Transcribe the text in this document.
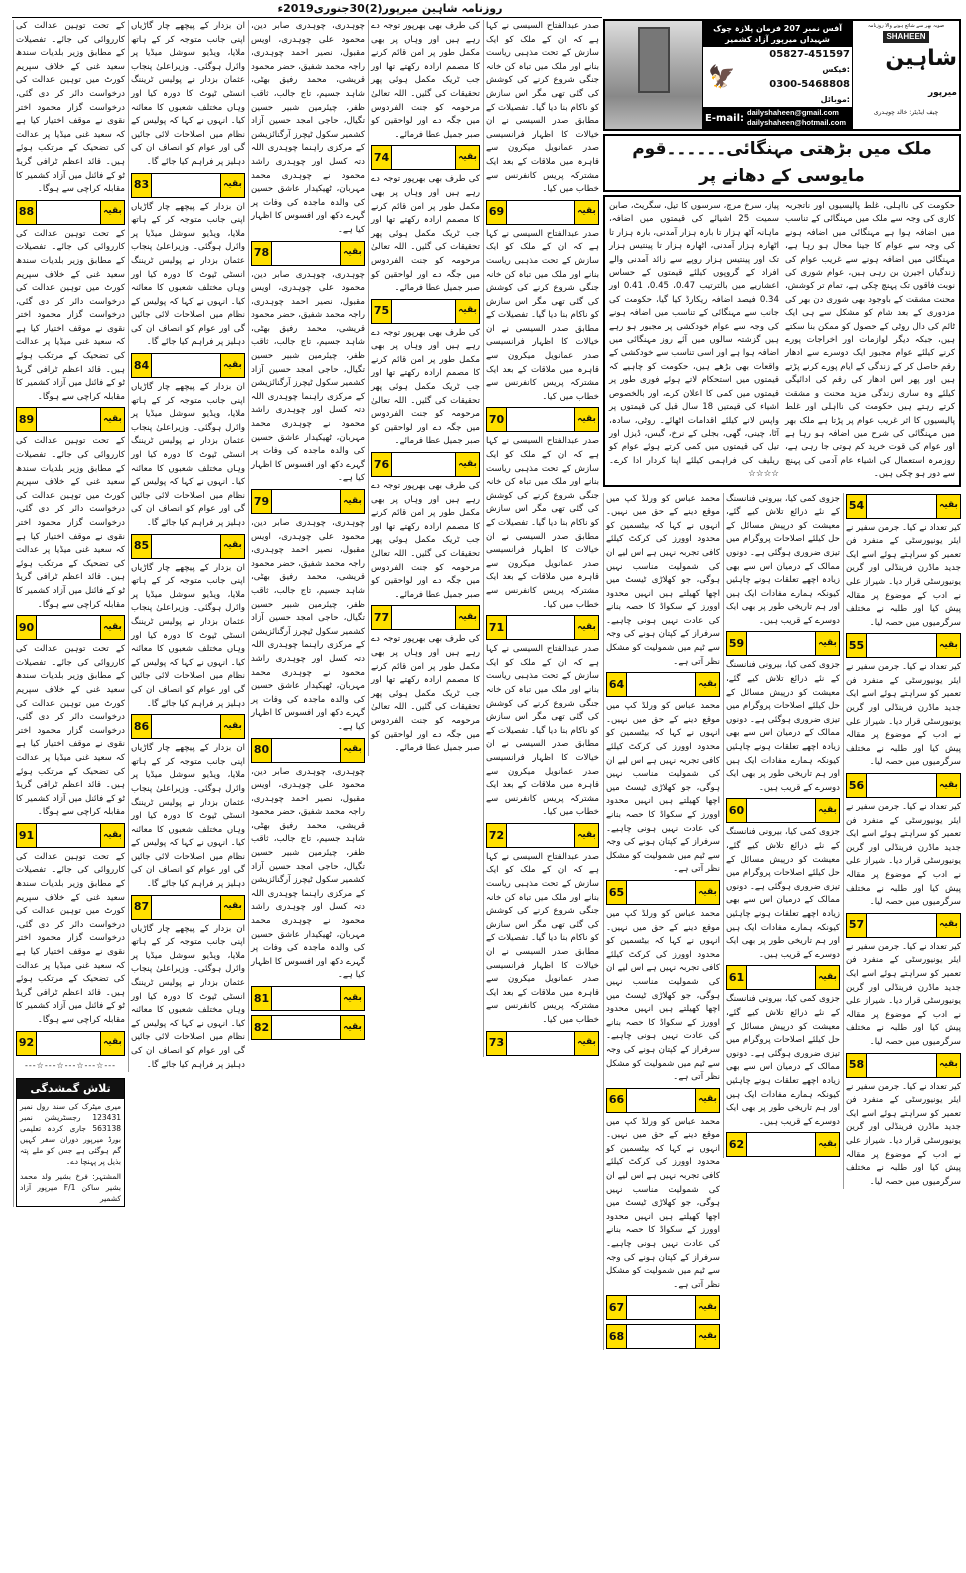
روزنامہ شاہین میرپور(2)30جنوری2019ء

کے تحت توہین عدالت کی کارروائی کی جائے۔ تفصیلات کے مطابق وزیر بلدیات سندھ سعید غنی کے خلاف سپریم کورٹ میں توہین عدالت کی درخواست دائر کر دی گئی، درخواست گزار محمود اختر نقوی نے موقف اختیار کیا ہے کہ سعید غنی میڈیا پر عدالت کی تضحیک کے مرتکب ہوئے ہیں۔ قائد اعظم ٹرافی گریڈ ٹو کے فائنل میں آزاد کشمیر کا مقابلہ کراچی سے ہوگا۔

88	بقیہ

کے تحت توہین عدالت کی کارروائی کی جائے۔ تفصیلات کے مطابق وزیر بلدیات سندھ سعید غنی کے خلاف سپریم کورٹ میں توہین عدالت کی درخواست دائر کر دی گئی، درخواست گزار محمود اختر نقوی نے موقف اختیار کیا ہے کہ سعید غنی میڈیا پر عدالت کی تضحیک کے مرتکب ہوئے ہیں۔ قائد اعظم ٹرافی گریڈ ٹو کے فائنل میں آزاد کشمیر کا مقابلہ کراچی سے ہوگا۔

89	بقیہ

کے تحت توہین عدالت کی کارروائی کی جائے۔ تفصیلات کے مطابق وزیر بلدیات سندھ سعید غنی کے خلاف سپریم کورٹ میں توہین عدالت کی درخواست دائر کر دی گئی، درخواست گزار محمود اختر نقوی نے موقف اختیار کیا ہے کہ سعید غنی میڈیا پر عدالت کی تضحیک کے مرتکب ہوئے ہیں۔ قائد اعظم ٹرافی گریڈ ٹو کے فائنل میں آزاد کشمیر کا مقابلہ کراچی سے ہوگا۔

90	بقیہ

کے تحت توہین عدالت کی کارروائی کی جائے۔ تفصیلات کے مطابق وزیر بلدیات سندھ سعید غنی کے خلاف سپریم کورٹ میں توہین عدالت کی درخواست دائر کر دی گئی، درخواست گزار محمود اختر نقوی نے موقف اختیار کیا ہے کہ سعید غنی میڈیا پر عدالت کی تضحیک کے مرتکب ہوئے ہیں۔ قائد اعظم ٹرافی گریڈ ٹو کے فائنل میں آزاد کشمیر کا مقابلہ کراچی سے ہوگا۔

91	بقیہ

کے تحت توہین عدالت کی کارروائی کی جائے۔ تفصیلات کے مطابق وزیر بلدیات سندھ سعید غنی کے خلاف سپریم کورٹ میں توہین عدالت کی درخواست دائر کر دی گئی، درخواست گزار محمود اختر نقوی نے موقف اختیار کیا ہے کہ سعید غنی میڈیا پر عدالت کی تضحیک کے مرتکب ہوئے ہیں۔ قائد اعظم ٹرافی گریڈ ٹو کے فائنل میں آزاد کشمیر کا مقابلہ کراچی سے ہوگا۔

92	بقیہ
---☆---☆---☆---☆---
تلاش گمشدگی
میری میٹرک کی سند رول نمبر 123431 رجسٹریشن نمبر 563138 جاری کردہ تعلیمی بورڈ میرپور دوران سفر کہیں گم ہوگئی ہے جس کو ملے پتہ بذیل پر پہنچا دے۔
المشتہر: فرخ بشیر ولد محمد بشیر ساکن F/1 میرپور آزاد کشمیر

ان بزدار کے پیچھے چار گاڑیاں اپنی جانب متوجہ کر کے ہاتھ ملایا، ویڈیو سوشل میڈیا پر وائرل ہوگئی۔ وزیراعلیٰ پنجاب عثمان بزدار نے پولیس ٹریننگ انسٹی ٹیوٹ کا دورہ کیا اور وہاں مختلف شعبوں کا معائنہ کیا۔ انہوں نے کہا کہ پولیس کے نظام میں اصلاحات لائی جائیں گی اور عوام کو انصاف ان کی دہلیز پر فراہم کیا جائے گا۔

83	بقیہ

ان بزدار کے پیچھے چار گاڑیاں اپنی جانب متوجہ کر کے ہاتھ ملایا، ویڈیو سوشل میڈیا پر وائرل ہوگئی۔ وزیراعلیٰ پنجاب عثمان بزدار نے پولیس ٹریننگ انسٹی ٹیوٹ کا دورہ کیا اور وہاں مختلف شعبوں کا معائنہ کیا۔ انہوں نے کہا کہ پولیس کے نظام میں اصلاحات لائی جائیں گی اور عوام کو انصاف ان کی دہلیز پر فراہم کیا جائے گا۔

84	بقیہ

ان بزدار کے پیچھے چار گاڑیاں اپنی جانب متوجہ کر کے ہاتھ ملایا، ویڈیو سوشل میڈیا پر وائرل ہوگئی۔ وزیراعلیٰ پنجاب عثمان بزدار نے پولیس ٹریننگ انسٹی ٹیوٹ کا دورہ کیا اور وہاں مختلف شعبوں کا معائنہ کیا۔ انہوں نے کہا کہ پولیس کے نظام میں اصلاحات لائی جائیں گی اور عوام کو انصاف ان کی دہلیز پر فراہم کیا جائے گا۔

85	بقیہ

ان بزدار کے پیچھے چار گاڑیاں اپنی جانب متوجہ کر کے ہاتھ ملایا، ویڈیو سوشل میڈیا پر وائرل ہوگئی۔ وزیراعلیٰ پنجاب عثمان بزدار نے پولیس ٹریننگ انسٹی ٹیوٹ کا دورہ کیا اور وہاں مختلف شعبوں کا معائنہ کیا۔ انہوں نے کہا کہ پولیس کے نظام میں اصلاحات لائی جائیں گی اور عوام کو انصاف ان کی دہلیز پر فراہم کیا جائے گا۔

86	بقیہ

ان بزدار کے پیچھے چار گاڑیاں اپنی جانب متوجہ کر کے ہاتھ ملایا، ویڈیو سوشل میڈیا پر وائرل ہوگئی۔ وزیراعلیٰ پنجاب عثمان بزدار نے پولیس ٹریننگ انسٹی ٹیوٹ کا دورہ کیا اور وہاں مختلف شعبوں کا معائنہ کیا۔ انہوں نے کہا کہ پولیس کے نظام میں اصلاحات لائی جائیں گی اور عوام کو انصاف ان کی دہلیز پر فراہم کیا جائے گا۔

87	بقیہ

ان بزدار کے پیچھے چار گاڑیاں اپنی جانب متوجہ کر کے ہاتھ ملایا، ویڈیو سوشل میڈیا پر وائرل ہوگئی۔ وزیراعلیٰ پنجاب عثمان بزدار نے پولیس ٹریننگ انسٹی ٹیوٹ کا دورہ کیا اور وہاں مختلف شعبوں کا معائنہ کیا۔ انہوں نے کہا کہ پولیس کے نظام میں اصلاحات لائی جائیں گی اور عوام کو انصاف ان کی دہلیز پر فراہم کیا جائے گا۔

چوہدری، چوہدری صابر دین، محمود علی چوہدری، اویس مقبول، نصیر احمد چوہدری، راجہ محمد شفیق، حضر محمود قریشی، محمد رفیق بھٹی، شاہد جسیم، تاج جالب، ثاقب ظفر، چیئرمین شبیر حسین تگیال، حاجی امجد حسین آزاد کشمیر سکول ٹیچرز آرگنائزیشن کے مرکزی راہنما چوہدری اللہ دتہ کسل اور چوہدری راشد محمود نے چوہدری محمد مہربان، ٹھیکیدار عاشق حسین کی والدہ ماجدہ کی وفات پر گہرے دکھ اور افسوس کا اظہار کیا ہے۔

78	بقیہ

چوہدری، چوہدری صابر دین، محمود علی چوہدری، اویس مقبول، نصیر احمد چوہدری، راجہ محمد شفیق، حضر محمود قریشی، محمد رفیق بھٹی، شاہد جسیم، تاج جالب، ثاقب ظفر، چیئرمین شبیر حسین تگیال، حاجی امجد حسین آزاد کشمیر سکول ٹیچرز آرگنائزیشن کے مرکزی راہنما چوہدری اللہ دتہ کسل اور چوہدری راشد محمود نے چوہدری محمد مہربان، ٹھیکیدار عاشق حسین کی والدہ ماجدہ کی وفات پر گہرے دکھ اور افسوس کا اظہار کیا ہے۔

79	بقیہ

چوہدری، چوہدری صابر دین، محمود علی چوہدری، اویس مقبول، نصیر احمد چوہدری، راجہ محمد شفیق، حضر محمود قریشی، محمد رفیق بھٹی، شاہد جسیم، تاج جالب، ثاقب ظفر، چیئرمین شبیر حسین تگیال، حاجی امجد حسین آزاد کشمیر سکول ٹیچرز آرگنائزیشن کے مرکزی راہنما چوہدری اللہ دتہ کسل اور چوہدری راشد محمود نے چوہدری محمد مہربان، ٹھیکیدار عاشق حسین کی والدہ ماجدہ کی وفات پر گہرے دکھ اور افسوس کا اظہار کیا ہے۔

80	بقیہ

چوہدری، چوہدری صابر دین، محمود علی چوہدری، اویس مقبول، نصیر احمد چوہدری، راجہ محمد شفیق، حضر محمود قریشی، محمد رفیق بھٹی، شاہد جسیم، تاج جالب، ثاقب ظفر، چیئرمین شبیر حسین تگیال، حاجی امجد حسین آزاد کشمیر سکول ٹیچرز آرگنائزیشن کے مرکزی راہنما چوہدری اللہ دتہ کسل اور چوہدری راشد محمود نے چوہدری محمد مہربان، ٹھیکیدار عاشق حسین کی والدہ ماجدہ کی وفات پر گہرے دکھ اور افسوس کا اظہار کیا ہے۔

81	بقیہ
82	بقیہ

کی طرف بھی بھرپور توجہ دے رہے ہیں اور وہاں پر بھی مکمل طور پر امن قائم کرنے کا مصمم ارادہ رکھتے تھا اور جب ٹریک مکمل ہوئی پھر تحقیقات کی گئیں۔ اللہ تعالیٰ مرحومہ کو جنت الفردوس میں جگہ دے اور لواحقین کو صبر جمیل عطا فرمائے۔

74	بقیہ

کی طرف بھی بھرپور توجہ دے رہے ہیں اور وہاں پر بھی مکمل طور پر امن قائم کرنے کا مصمم ارادہ رکھتے تھا اور جب ٹریک مکمل ہوئی پھر تحقیقات کی گئیں۔ اللہ تعالیٰ مرحومہ کو جنت الفردوس میں جگہ دے اور لواحقین کو صبر جمیل عطا فرمائے۔

75	بقیہ

کی طرف بھی بھرپور توجہ دے رہے ہیں اور وہاں پر بھی مکمل طور پر امن قائم کرنے کا مصمم ارادہ رکھتے تھا اور جب ٹریک مکمل ہوئی پھر تحقیقات کی گئیں۔ اللہ تعالیٰ مرحومہ کو جنت الفردوس میں جگہ دے اور لواحقین کو صبر جمیل عطا فرمائے۔

76	بقیہ

کی طرف بھی بھرپور توجہ دے رہے ہیں اور وہاں پر بھی مکمل طور پر امن قائم کرنے کا مصمم ارادہ رکھتے تھا اور جب ٹریک مکمل ہوئی پھر تحقیقات کی گئیں۔ اللہ تعالیٰ مرحومہ کو جنت الفردوس میں جگہ دے اور لواحقین کو صبر جمیل عطا فرمائے۔

77	بقیہ

کی طرف بھی بھرپور توجہ دے رہے ہیں اور وہاں پر بھی مکمل طور پر امن قائم کرنے کا مصمم ارادہ رکھتے تھا اور جب ٹریک مکمل ہوئی پھر تحقیقات کی گئیں۔ اللہ تعالیٰ مرحومہ کو جنت الفردوس میں جگہ دے اور لواحقین کو صبر جمیل عطا فرمائے۔

صدر عبدالفتاح السیسی نے کہا ہے کہ ان کے ملک کو ایک سازش کے تحت مذہبی ریاست بنانے اور ملک میں تباہ کن خانہ جنگی شروع کرنے کی کوشش کی گئی تھی مگر اس سازش کو ناکام بنا دیا گیا۔ تفصیلات کے مطابق صدر السیسی نے ان خیالات کا اظہار فرانسیسی صدر عمانویل میکرون سے قاہرہ میں ملاقات کے بعد ایک مشترکہ پریس کانفرنس سے خطاب میں کیا۔

69	بقیہ

صدر عبدالفتاح السیسی نے کہا ہے کہ ان کے ملک کو ایک سازش کے تحت مذہبی ریاست بنانے اور ملک میں تباہ کن خانہ جنگی شروع کرنے کی کوشش کی گئی تھی مگر اس سازش کو ناکام بنا دیا گیا۔ تفصیلات کے مطابق صدر السیسی نے ان خیالات کا اظہار فرانسیسی صدر عمانویل میکرون سے قاہرہ میں ملاقات کے بعد ایک مشترکہ پریس کانفرنس سے خطاب میں کیا۔

70	بقیہ

صدر عبدالفتاح السیسی نے کہا ہے کہ ان کے ملک کو ایک سازش کے تحت مذہبی ریاست بنانے اور ملک میں تباہ کن خانہ جنگی شروع کرنے کی کوشش کی گئی تھی مگر اس سازش کو ناکام بنا دیا گیا۔ تفصیلات کے مطابق صدر السیسی نے ان خیالات کا اظہار فرانسیسی صدر عمانویل میکرون سے قاہرہ میں ملاقات کے بعد ایک مشترکہ پریس کانفرنس سے خطاب میں کیا۔

71	بقیہ

صدر عبدالفتاح السیسی نے کہا ہے کہ ان کے ملک کو ایک سازش کے تحت مذہبی ریاست بنانے اور ملک میں تباہ کن خانہ جنگی شروع کرنے کی کوشش کی گئی تھی مگر اس سازش کو ناکام بنا دیا گیا۔ تفصیلات کے مطابق صدر السیسی نے ان خیالات کا اظہار فرانسیسی صدر عمانویل میکرون سے قاہرہ میں ملاقات کے بعد ایک مشترکہ پریس کانفرنس سے خطاب میں کیا۔

72	بقیہ

صدر عبدالفتاح السیسی نے کہا ہے کہ ان کے ملک کو ایک سازش کے تحت مذہبی ریاست بنانے اور ملک میں تباہ کن خانہ جنگی شروع کرنے کی کوشش کی گئی تھی مگر اس سازش کو ناکام بنا دیا گیا۔ تفصیلات کے مطابق صدر السیسی نے ان خیالات کا اظہار فرانسیسی صدر عمانویل میکرون سے قاہرہ میں ملاقات کے بعد ایک مشترکہ پریس کانفرنس سے خطاب میں کیا۔

73	بقیہ
آفس نمبر 207 فرمان پلازہ چوک شہیداں میرپور آزاد کشمیر
🦅
05827-451597 فیکس:
0300-5468808 موبائل:
E-mail: dailyshaheen@gmail.com
dailyshaheen@hotmail.com
صوبہ بھر سے شائع ہونے والا روزنامہ
SHAHEEN
شاہین میرپور
چیف ایڈیٹر: خالد چوہدری
ملک میں بڑھتی مہنگائی۔۔۔۔۔۔قوم مایوسی کے دھانے پر
حکومت کی نااہلی، غلط پالیسیوں اور ناتجربہ کاری کی وجہ سے ملک میں مہنگائی کے تناسب میں اضافہ ہوا ہے مہنگائی میں اضافہ ہونے کی وجہ سے عوام کا جینا محال ہو رہا ہے، مہنگائی میں اضافہ ہونے سے غریب عوام کی زندگیاں اجیرن بن رہی ہیں، عوام شوری کی نوبت فاقوں تک پہنچ چکی ہے، تمام تر کوشش، محنت مشقت کے باوجود بھی شوری دن بھر کی مزدوری کے بعد شام کو مشکل سے ہی ایک ٹائم کی دال روٹی کے حصول کو ممکن بنا سکتے ہیں، جبکہ دیگر لوازمات اور اخراجات پورے کرنے کیلئے عوام مجبور ایک دوسرے سے ادھار رقم حاصل کر کے زندگی کے ایام پورے کرنے پڑتے ہیں اور پھر اس ادھار کی رقم کی ادائیگی کیلئے وہ ساری زندگی مزید محنت و مشقت کرتے رہتے ہیں حکومت کی نااہلی اور غلط پالیسیوں کا اثر غریب عوام پر پڑتا ہے ملک بھر میں مہنگائی کی شرح میں اضافہ ہو رہا ہے اور عوام کی قوت خرید کم ہوتی جا رہی ہے، روزمرہ استعمال کی اشیاء عام آدمی کی پہنچ سے دور ہو چکی ہیں۔
پیاز، سرخ مرچ، سرسوں کا تیل، سگریٹ، صابن سمیت 25 اشیائے کی قیمتوں میں اضافہ، ماہانہ آٹھ ہزار تا بارہ ہزار آمدنی، بارہ ہزار تا اٹھارہ ہزار آمدنی، اٹھارہ ہزار تا پینتیس ہزار تک اور پینتیس ہزار روپے سے زائد آمدنی والے افراد کے گروپوں کیلئے قیمتوں کے حساس اعشاریے میں بالترتیب 0.47، 0.45، 0.41 اور 0.34 فیصد اضافہ ریکارڈ کیا گیا، حکومت کی جانب سے مہنگائی کے تناسب میں اضافہ ہونے کی وجہ سے عوام خودکشی پر مجبور ہو رہے ہیں گزشتہ سالوں میں آئے روز مہنگائی میں اضافہ ہوا ہے اور اسی تناسب سے خودکشی کے واقعات بھی بڑھے ہیں، حکومت کو چاہیے کہ قیمتوں میں استحکام لاتے ہوئے فوری طور پر قیمتوں میں کمی کا اعلان کرے، اور بالخصوص اشیاء کی قیمتیں 18 سال قبل کی قیمتوں پر واپس لانے کیلئے اقدامات اٹھائے۔ روٹی، سادہ، آٹا، چینی، گھی، بجلی کے نرخ، گیس، ڈیزل اور تیل کی قیمتوں میں کمی کرتے ہوئے عوام کو ریلیف کی فراہمی کیلئے اپنا کردار ادا کرے۔ ☆☆☆☆

محمد عباس کو ورلڈ کپ میں موقع دینے کے حق میں نہیں۔ انہوں نے کہا کہ بیٹسمین کو محدود اوورز کی کرکٹ کیلئے کافی تجربہ نہیں ہے اس لیے ان کی شمولیت مناسب نہیں ہوگی، جو کھلاڑی ٹیسٹ میں اچھا کھیلتے ہیں انہیں محدود اوورز کے سکواڈ کا حصہ بنانے کی عادت نہیں ہونی چاہیے۔ سرفراز کے کپتان ہونے کی وجہ سے ٹیم میں شمولیت کو مشکل نظر آتی ہے۔

64	بقیہ

محمد عباس کو ورلڈ کپ میں موقع دینے کے حق میں نہیں۔ انہوں نے کہا کہ بیٹسمین کو محدود اوورز کی کرکٹ کیلئے کافی تجربہ نہیں ہے اس لیے ان کی شمولیت مناسب نہیں ہوگی، جو کھلاڑی ٹیسٹ میں اچھا کھیلتے ہیں انہیں محدود اوورز کے سکواڈ کا حصہ بنانے کی عادت نہیں ہونی چاہیے۔ سرفراز کے کپتان ہونے کی وجہ سے ٹیم میں شمولیت کو مشکل نظر آتی ہے۔

65	بقیہ

محمد عباس کو ورلڈ کپ میں موقع دینے کے حق میں نہیں۔ انہوں نے کہا کہ بیٹسمین کو محدود اوورز کی کرکٹ کیلئے کافی تجربہ نہیں ہے اس لیے ان کی شمولیت مناسب نہیں ہوگی، جو کھلاڑی ٹیسٹ میں اچھا کھیلتے ہیں انہیں محدود اوورز کے سکواڈ کا حصہ بنانے کی عادت نہیں ہونی چاہیے۔ سرفراز کے کپتان ہونے کی وجہ سے ٹیم میں شمولیت کو مشکل نظر آتی ہے۔

66	بقیہ

محمد عباس کو ورلڈ کپ میں موقع دینے کے حق میں نہیں۔ انہوں نے کہا کہ بیٹسمین کو محدود اوورز کی کرکٹ کیلئے کافی تجربہ نہیں ہے اس لیے ان کی شمولیت مناسب نہیں ہوگی، جو کھلاڑی ٹیسٹ میں اچھا کھیلتے ہیں انہیں محدود اوورز کے سکواڈ کا حصہ بنانے کی عادت نہیں ہونی چاہیے۔ سرفراز کے کپتان ہونے کی وجہ سے ٹیم میں شمولیت کو مشکل نظر آتی ہے۔

67	بقیہ
68	بقیہ

جزوی کمی کیا، بیرونی فنانسنگ کے نئے ذرائع تلاش کیے گئے، معیشت کو درپیش مسائل کے حل کیلئے اصلاحات پروگرام میں تیزی ضروری ہوگئی ہے۔ دونوں ممالک کے درمیان اس سے بھی زیادہ اچھے تعلقات ہونے چاہئیں کیونکہ ہمارے مفادات ایک ہیں اور ہم تاریخی طور پر بھی ایک دوسرے کے قریب ہیں۔

59	بقیہ

جزوی کمی کیا، بیرونی فنانسنگ کے نئے ذرائع تلاش کیے گئے، معیشت کو درپیش مسائل کے حل کیلئے اصلاحات پروگرام میں تیزی ضروری ہوگئی ہے۔ دونوں ممالک کے درمیان اس سے بھی زیادہ اچھے تعلقات ہونے چاہئیں کیونکہ ہمارے مفادات ایک ہیں اور ہم تاریخی طور پر بھی ایک دوسرے کے قریب ہیں۔

60	بقیہ

جزوی کمی کیا، بیرونی فنانسنگ کے نئے ذرائع تلاش کیے گئے، معیشت کو درپیش مسائل کے حل کیلئے اصلاحات پروگرام میں تیزی ضروری ہوگئی ہے۔ دونوں ممالک کے درمیان اس سے بھی زیادہ اچھے تعلقات ہونے چاہئیں کیونکہ ہمارے مفادات ایک ہیں اور ہم تاریخی طور پر بھی ایک دوسرے کے قریب ہیں۔

61	بقیہ

جزوی کمی کیا، بیرونی فنانسنگ کے نئے ذرائع تلاش کیے گئے، معیشت کو درپیش مسائل کے حل کیلئے اصلاحات پروگرام میں تیزی ضروری ہوگئی ہے۔ دونوں ممالک کے درمیان اس سے بھی زیادہ اچھے تعلقات ہونے چاہئیں کیونکہ ہمارے مفادات ایک ہیں اور ہم تاریخی طور پر بھی ایک دوسرے کے قریب ہیں۔

62	بقیہ
54	بقیہ

کیر تعداد نے کیا۔ جرمن سفیر نے ایئر یونیورسٹی کے منفرد فن تعمیر کو سراہتے ہوئے اسے ایک جدید ماڈرن فرینڈلی اور گرین یونیورسٹی قرار دیا۔ شیراز علی نے ادب کے موضوع پر مقالہ پیش کیا اور طلبہ نے مختلف سرگرمیوں میں حصہ لیا۔

55	بقیہ

کیر تعداد نے کیا۔ جرمن سفیر نے ایئر یونیورسٹی کے منفرد فن تعمیر کو سراہتے ہوئے اسے ایک جدید ماڈرن فرینڈلی اور گرین یونیورسٹی قرار دیا۔ شیراز علی نے ادب کے موضوع پر مقالہ پیش کیا اور طلبہ نے مختلف سرگرمیوں میں حصہ لیا۔

56	بقیہ

کیر تعداد نے کیا۔ جرمن سفیر نے ایئر یونیورسٹی کے منفرد فن تعمیر کو سراہتے ہوئے اسے ایک جدید ماڈرن فرینڈلی اور گرین یونیورسٹی قرار دیا۔ شیراز علی نے ادب کے موضوع پر مقالہ پیش کیا اور طلبہ نے مختلف سرگرمیوں میں حصہ لیا۔

57	بقیہ

کیر تعداد نے کیا۔ جرمن سفیر نے ایئر یونیورسٹی کے منفرد فن تعمیر کو سراہتے ہوئے اسے ایک جدید ماڈرن فرینڈلی اور گرین یونیورسٹی قرار دیا۔ شیراز علی نے ادب کے موضوع پر مقالہ پیش کیا اور طلبہ نے مختلف سرگرمیوں میں حصہ لیا۔

58	بقیہ

کیر تعداد نے کیا۔ جرمن سفیر نے ایئر یونیورسٹی کے منفرد فن تعمیر کو سراہتے ہوئے اسے ایک جدید ماڈرن فرینڈلی اور گرین یونیورسٹی قرار دیا۔ شیراز علی نے ادب کے موضوع پر مقالہ پیش کیا اور طلبہ نے مختلف سرگرمیوں میں حصہ لیا۔
